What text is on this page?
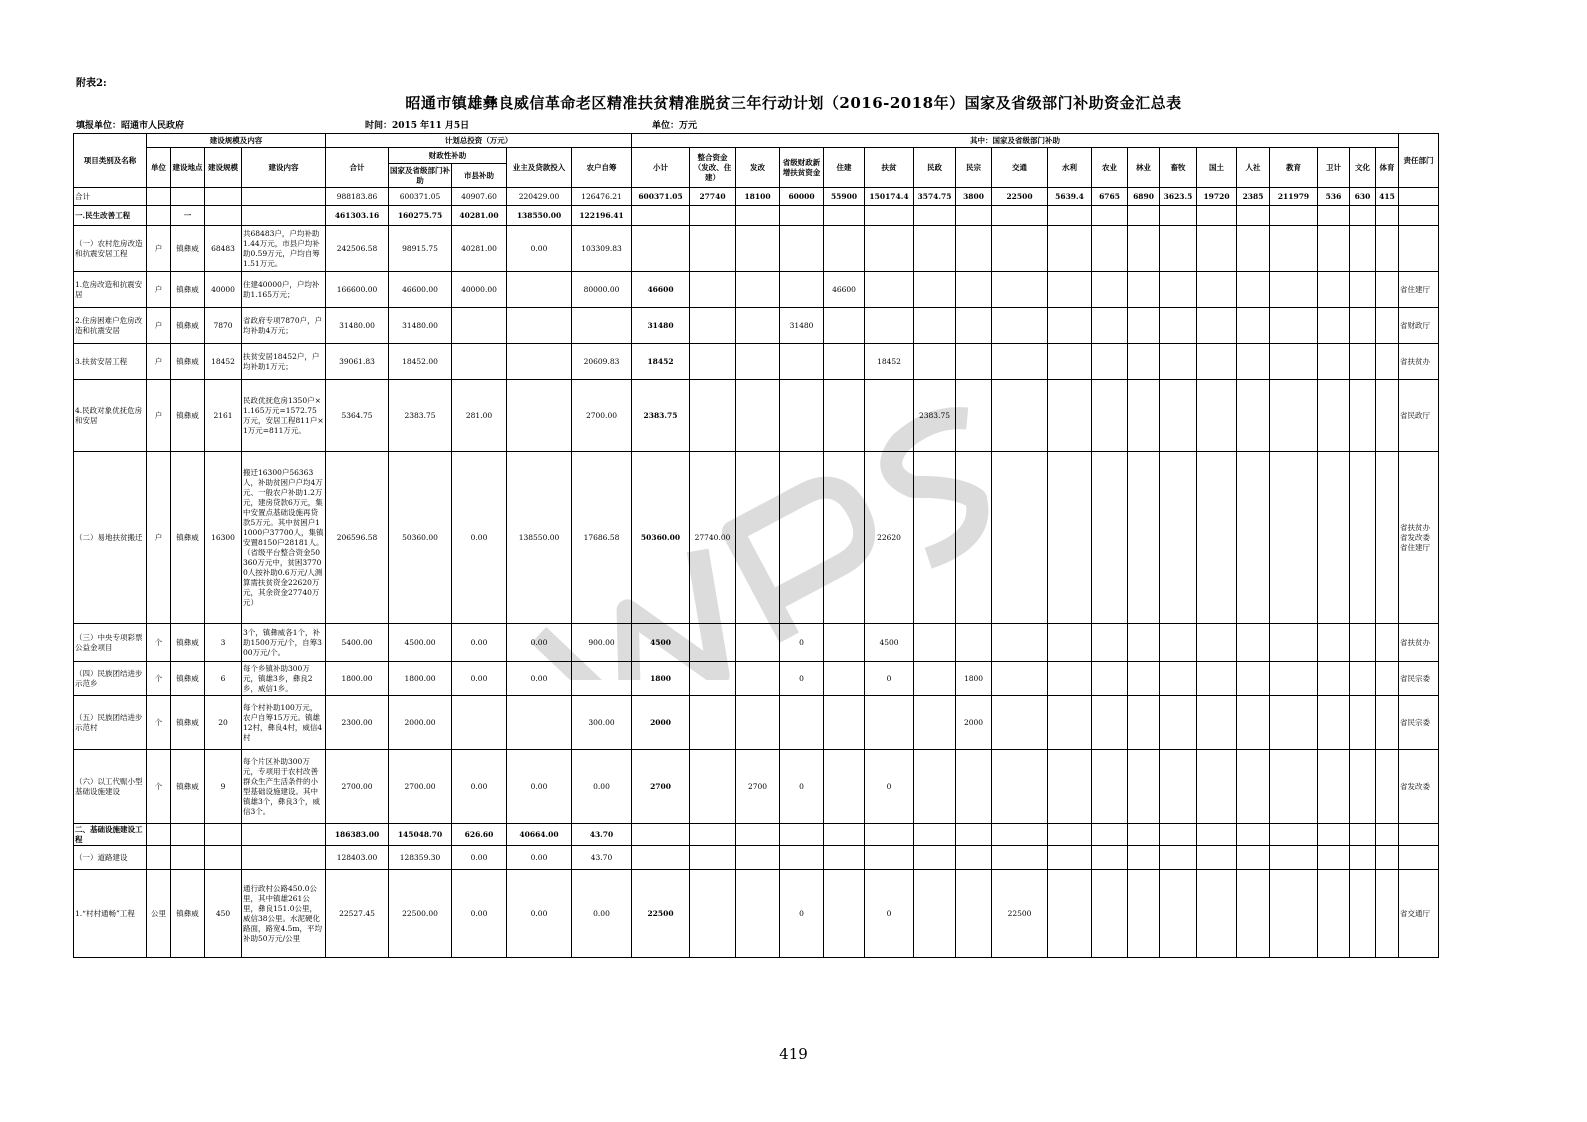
附表2:
昭通市镇雄彝良威信革命老区精准扶贫精准脱贫三年行动计划（2016-2018年）国家及省级部门补助资金汇总表
填报单位：昭通市人民政府	时间：2015 年11 月5日	单位：万元
项目类别及名称	建设规模及内容				计划总投资（万元）					其中：国家及省级部门补助																			责任部门
	单位	建设地点	建设规模	建设内容	合计	财政性补助		业主及贷款投入	农户自筹	小计	整合资金（发改、住建）	发改	省级财政新增扶贫资金	住建	扶贫	民政	民宗	交通	水利	农业	林业	畜牧	国土	人社	教育	卫计	文化	体育	
						国家及省级部门补助	市县补助																						
合计					988183.86	600371.05	40907.60	220429.00	126476.21	600371.05	27740	18100	60000	55900	150174.4	3574.75	3800	22500	5639.4	6765	6890	3623.5	19720	2385	211979	536	630	415	
一.民生改善工程		一			461303.16	160275.75	40281.00	138550.00	122196.41																				
（一）农村危房改造和抗震安居工程	户	镇彝威	68483	共68483户，户均补助1.44万元，市县户均补助0.59万元，户均自筹1.51万元。	242506.58	98915.75	40281.00	0.00	103309.83																				
1.危房改造和抗震安居	户	镇彝威	40000	住建40000户，户均补助1.165万元；	166600.00	46600.00	40000.00		80000.00	46600				46600															省住建厅
2.住房困难户危房改造和抗震安居	户	镇彝威	7870	省政府专项7870户，户均补助4万元；	31480.00	31480.00				31480			31480																省财政厅
3.扶贫安居工程	户	镇彝威	18452	扶贫安居18452户，户均补助1万元；	39061.83	18452.00			20609.83	18452					18452														省扶贫办
4.民政对象优抚危房和安居	户	镇彝威	2161	民政优抚危房1350户×1.165万元=1572.75万元，安居工程811户×1万元=811万元。	5364.75	2383.75	281.00		2700.00	2383.75						2383.75													省民政厅
（二）易地扶贫搬迁	户	镇彝威	16300	搬迁16300户56363人，补助贫困户户均4万元、一般农户补助1.2万元，建房贷款6万元，集中安置点基础设施再贷款5万元。其中贫困户11000户37700人，集镇安置8150户28181人。（省级平台整合资金50360万元中，贫困37700人按补助0.6万元/人测算需扶贫资金22620万元，其余资金27740万元）	206596.58	50360.00	0.00	138550.00	17686.58	50360.00	27740.00				22620														省扶贫办
省发改委
省住建厅
（三）中央专项彩票公益金项目	个	镇彝威	3	3个，镇彝威各1个，补助1500万元/个，自筹300万元/个。	5400.00	4500.00	0.00	0.00	900.00	4500			0		4500														省扶贫办
（四）民族团结进步示范乡	个	镇彝威	6	每个乡镇补助300万元，镇雄3乡，彝良2乡，威信1乡。	1800.00	1800.00	0.00	0.00		1800			0		0		1800												省民宗委
（五）民族团结进步示范村	个	镇彝威	20	每个村补助100万元，农户自筹15万元。镇雄12村，彝良4村，威信4村	2300.00	2000.00			300.00	2000							2000												省民宗委
（六）以工代赈小型基础设施建设	个	镇彝威	9	每个片区补助300万元，专项用于农村改善群众生产生活条件的小型基础设施建设。其中镇雄3个，彝良3个，威信3个。	2700.00	2700.00	0.00	0.00	0.00	2700		2700	0		0														省发改委
二、基础设施建设工程					186383.00	145048.70	626.60	40664.00	43.70																				
（一）道路建设					128403.00	128359.30	0.00	0.00	43.70																				
1.“村村通畅”工程	公里	镇彝威	450	通行政村公路450.0公里，其中镇雄261公里，彝良151.0公里，威信38公里。水泥硬化路面，路宽4.5m，平均补助50万元/公里	22527.45	22500.00	0.00	0.00	0.00	22500			0		0			22500											省交通厅
419
